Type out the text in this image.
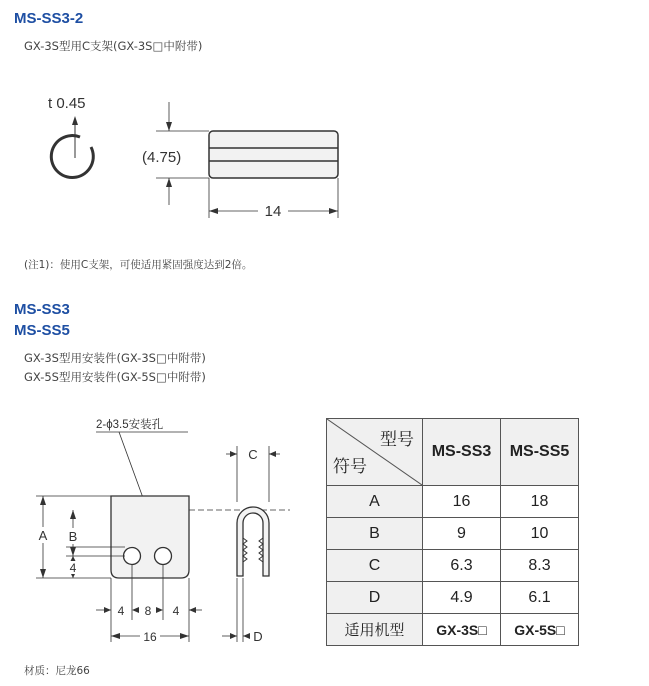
MS-SS3-2
GX-3S型用C支架(GX-3S□中附带)
t 0.45
(4.75)
14
(注1)：使用C支架，可使适用紧固强度达到2倍。
MS-SS3
MS-SS5
GX-3S型用安装件(GX-3S□中附带)
GX-5S型用安装件(GX-5S□中附带)
2-ϕ3.5安装孔
A B
4
4 8 4
16
C
D
型号
符号	MS-SS3	MS-SS5
A	16	18
B	9	10
C	6.3	8.3
D	4.9	6.1
适用机型	GX-3S□	GX-5S□
材质：尼龙66
